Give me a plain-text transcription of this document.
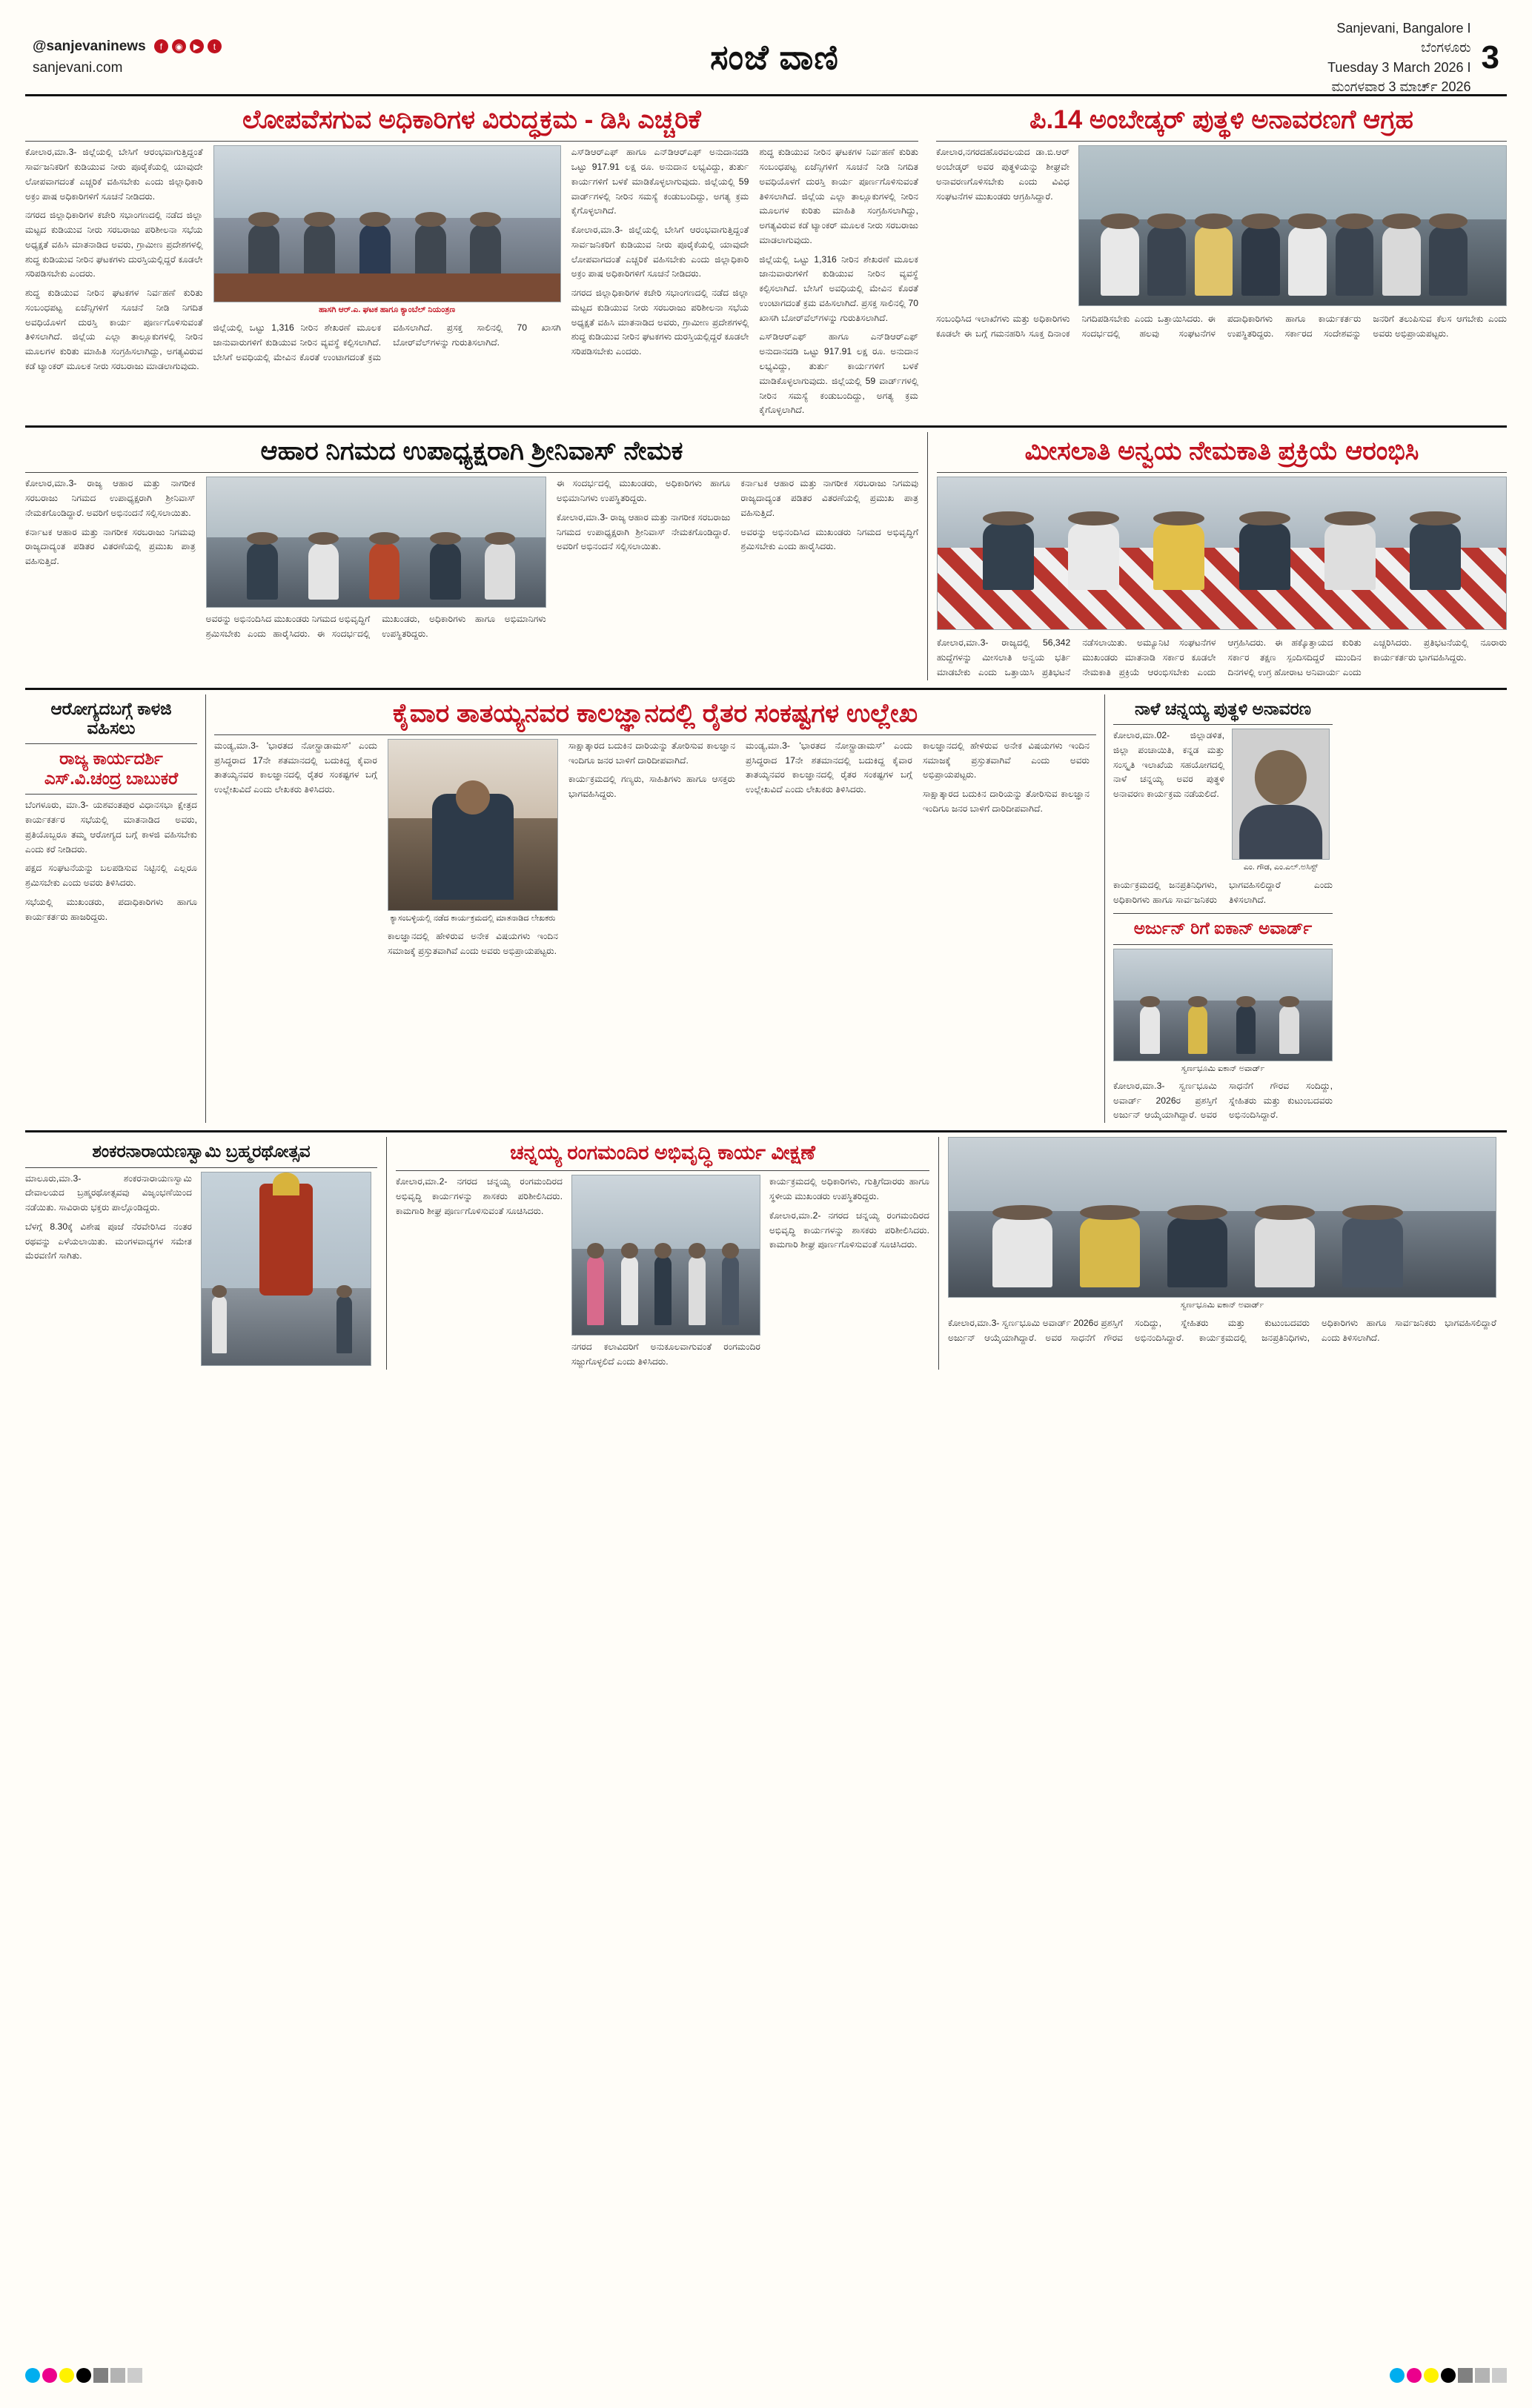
@sanjevaninews	f	◉	▶	t
sanjevani.com	ಸಂಜೆ ವಾಣಿ
Sanjevani, Bangalore I
ಬೆಂಗಳೂರು
Tuesday 3 March 2026 I
ಮಂಗಳವಾರ 3 ಮಾರ್ಚ್ 2026
3
ಲೋಪವೆಸಗುವ ಅಧಿಕಾರಿಗಳ ವಿರುದ್ಧಕ್ರಮ - ಡಿಸಿ ಎಚ್ಚರಿಕೆ
ಕೋಲಾರ,ಮಾ.3- ಜಿಲ್ಲೆಯಲ್ಲಿ ಬೇಸಿಗೆ ಆರಂಭವಾಗುತ್ತಿದ್ದಂತೆ ಸಾರ್ವಜನಿಕರಿಗೆ ಕುಡಿಯುವ ನೀರು ಪೂರೈಕೆಯಲ್ಲಿ ಯಾವುದೇ ಲೋಪವಾಗದಂತೆ ಎಚ್ಚರಿಕೆ ವಹಿಸಬೇಕು ಎಂದು ಜಿಲ್ಲಾಧಿಕಾರಿ ಅಕ್ರಂ ಪಾಷ ಅಧಿಕಾರಿಗಳಿಗೆ ಸೂಚನೆ ನೀಡಿದರು.
ನಗರದ ಜಿಲ್ಲಾಧಿಕಾರಿಗಳ ಕಚೇರಿ ಸಭಾಂಗಣದಲ್ಲಿ ನಡೆದ ಜಿಲ್ಲಾ ಮಟ್ಟದ ಕುಡಿಯುವ ನೀರು ಸರಬರಾಜು ಪರಿಶೀಲನಾ ಸಭೆಯ ಅಧ್ಯಕ್ಷತೆ ವಹಿಸಿ ಮಾತನಾಡಿದ ಅವರು, ಗ್ರಾಮೀಣ ಪ್ರದೇಶಗಳಲ್ಲಿ ಶುದ್ಧ ಕುಡಿಯುವ ನೀರಿನ ಘಟಕಗಳು ದುರಸ್ತಿಯಲ್ಲಿದ್ದರೆ ಕೂಡಲೇ ಸರಿಪಡಿಸಬೇಕು ಎಂದರು.
ಶುದ್ಧ ಕುಡಿಯುವ ನೀರಿನ ಘಟಕಗಳ ನಿರ್ವಹಣೆ ಕುರಿತು ಸಂಬಂಧಪಟ್ಟ ಏಜೆನ್ಸಿಗಳಿಗೆ ಸೂಚನೆ ನೀಡಿ ನಿಗದಿತ ಅವಧಿಯೊಳಗೆ ದುರಸ್ತಿ ಕಾರ್ಯ ಪೂರ್ಣಗೊಳಿಸುವಂತೆ ತಿಳಿಸಲಾಗಿದೆ. ಜಿಲ್ಲೆಯ ಎಲ್ಲಾ ತಾಲ್ಲೂಕುಗಳಲ್ಲಿ ನೀರಿನ ಮೂಲಗಳ ಕುರಿತು ಮಾಹಿತಿ ಸಂಗ್ರಹಿಸಲಾಗಿದ್ದು, ಅಗತ್ಯವಿರುವ ಕಡೆ ಟ್ಯಾಂಕರ್ ಮೂಲಕ ನೀರು ಸರಬರಾಜು ಮಾಡಲಾಗುವುದು.
ಹಾಸಗಿ ಆರ್.ಎ. ಘಟಕ ಹಾಗೂ ಕ್ಯಾಂಬೆಲ್ ನಿಯಂತ್ರಣ
ಜಿಲ್ಲೆಯಲ್ಲಿ ಒಟ್ಟು 1,316 ನೀರಿನ ಶೇಖರಣೆ ಮೂಲಕ ಜಾನುವಾರುಗಳಿಗೆ ಕುಡಿಯುವ ನೀರಿನ ವ್ಯವಸ್ಥೆ ಕಲ್ಪಿಸಲಾಗಿದೆ. ಬೇಸಿಗೆ ಅವಧಿಯಲ್ಲಿ ಮೇವಿನ ಕೊರತೆ ಉಂಟಾಗದಂತೆ ಕ್ರಮ ವಹಿಸಲಾಗಿದೆ. ಪ್ರಸಕ್ತ ಸಾಲಿನಲ್ಲಿ 70 ಖಾಸಗಿ ಬೋರ್‌ವೆಲ್‌ಗಳನ್ನು ಗುರುತಿಸಲಾಗಿದೆ.
ಎಸ್‌ಡಿಆರ್‌ಎಫ್ ಹಾಗೂ ಎನ್‌ಡಿಆರ್‌ಎಫ್ ಅನುದಾನದಡಿ ಒಟ್ಟು 917.91 ಲಕ್ಷ ರೂ. ಅನುದಾನ ಲಭ್ಯವಿದ್ದು, ತುರ್ತು ಕಾರ್ಯಗಳಿಗೆ ಬಳಕೆ ಮಾಡಿಕೊಳ್ಳಲಾಗುವುದು. ಜಿಲ್ಲೆಯಲ್ಲಿ 59 ವಾರ್ಡ್‌ಗಳಲ್ಲಿ ನೀರಿನ ಸಮಸ್ಯೆ ಕಂಡುಬಂದಿದ್ದು, ಅಗತ್ಯ ಕ್ರಮ ಕೈಗೊಳ್ಳಲಾಗಿದೆ.
ಕೋಲಾರ,ಮಾ.3- ಜಿಲ್ಲೆಯಲ್ಲಿ ಬೇಸಿಗೆ ಆರಂಭವಾಗುತ್ತಿದ್ದಂತೆ ಸಾರ್ವಜನಿಕರಿಗೆ ಕುಡಿಯುವ ನೀರು ಪೂರೈಕೆಯಲ್ಲಿ ಯಾವುದೇ ಲೋಪವಾಗದಂತೆ ಎಚ್ಚರಿಕೆ ವಹಿಸಬೇಕು ಎಂದು ಜಿಲ್ಲಾಧಿಕಾರಿ ಅಕ್ರಂ ಪಾಷ ಅಧಿಕಾರಿಗಳಿಗೆ ಸೂಚನೆ ನೀಡಿದರು.
ನಗರದ ಜಿಲ್ಲಾಧಿಕಾರಿಗಳ ಕಚೇರಿ ಸಭಾಂಗಣದಲ್ಲಿ ನಡೆದ ಜಿಲ್ಲಾ ಮಟ್ಟದ ಕುಡಿಯುವ ನೀರು ಸರಬರಾಜು ಪರಿಶೀಲನಾ ಸಭೆಯ ಅಧ್ಯಕ್ಷತೆ ವಹಿಸಿ ಮಾತನಾಡಿದ ಅವರು, ಗ್ರಾಮೀಣ ಪ್ರದೇಶಗಳಲ್ಲಿ ಶುದ್ಧ ಕುಡಿಯುವ ನೀರಿನ ಘಟಕಗಳು ದುರಸ್ತಿಯಲ್ಲಿದ್ದರೆ ಕೂಡಲೇ ಸರಿಪಡಿಸಬೇಕು ಎಂದರು.
ಶುದ್ಧ ಕುಡಿಯುವ ನೀರಿನ ಘಟಕಗಳ ನಿರ್ವಹಣೆ ಕುರಿತು ಸಂಬಂಧಪಟ್ಟ ಏಜೆನ್ಸಿಗಳಿಗೆ ಸೂಚನೆ ನೀಡಿ ನಿಗದಿತ ಅವಧಿಯೊಳಗೆ ದುರಸ್ತಿ ಕಾರ್ಯ ಪೂರ್ಣಗೊಳಿಸುವಂತೆ ತಿಳಿಸಲಾಗಿದೆ. ಜಿಲ್ಲೆಯ ಎಲ್ಲಾ ತಾಲ್ಲೂಕುಗಳಲ್ಲಿ ನೀರಿನ ಮೂಲಗಳ ಕುರಿತು ಮಾಹಿತಿ ಸಂಗ್ರಹಿಸಲಾಗಿದ್ದು, ಅಗತ್ಯವಿರುವ ಕಡೆ ಟ್ಯಾಂಕರ್ ಮೂಲಕ ನೀರು ಸರಬರಾಜು ಮಾಡಲಾಗುವುದು.
ಜಿಲ್ಲೆಯಲ್ಲಿ ಒಟ್ಟು 1,316 ನೀರಿನ ಶೇಖರಣೆ ಮೂಲಕ ಜಾನುವಾರುಗಳಿಗೆ ಕುಡಿಯುವ ನೀರಿನ ವ್ಯವಸ್ಥೆ ಕಲ್ಪಿಸಲಾಗಿದೆ. ಬೇಸಿಗೆ ಅವಧಿಯಲ್ಲಿ ಮೇವಿನ ಕೊರತೆ ಉಂಟಾಗದಂತೆ ಕ್ರಮ ವಹಿಸಲಾಗಿದೆ. ಪ್ರಸಕ್ತ ಸಾಲಿನಲ್ಲಿ 70 ಖಾಸಗಿ ಬೋರ್‌ವೆಲ್‌ಗಳನ್ನು ಗುರುತಿಸಲಾಗಿದೆ.
ಎಸ್‌ಡಿಆರ್‌ಎಫ್ ಹಾಗೂ ಎನ್‌ಡಿಆರ್‌ಎಫ್ ಅನುದಾನದಡಿ ಒಟ್ಟು 917.91 ಲಕ್ಷ ರೂ. ಅನುದಾನ ಲಭ್ಯವಿದ್ದು, ತುರ್ತು ಕಾರ್ಯಗಳಿಗೆ ಬಳಕೆ ಮಾಡಿಕೊಳ್ಳಲಾಗುವುದು. ಜಿಲ್ಲೆಯಲ್ಲಿ 59 ವಾರ್ಡ್‌ಗಳಲ್ಲಿ ನೀರಿನ ಸಮಸ್ಯೆ ಕಂಡುಬಂದಿದ್ದು, ಅಗತ್ಯ ಕ್ರಮ ಕೈಗೊಳ್ಳಲಾಗಿದೆ.
ಪಿ.14 ಅಂಬೇಡ್ಕರ್ ಪುತ್ಥಳಿ ಅನಾವರಣಗೆ ಆಗ್ರಹ
ಕೋಲಾರ,ನಗರದಹೊರವಲಯದ ಡಾ.ಬಿ.ಆರ್ ಅಂಬೇಡ್ಕರ್ ಅವರ ಪುತ್ಥಳಿಯನ್ನು ಶೀಘ್ರವೇ ಅನಾವರಣಗೊಳಿಸಬೇಕು ಎಂದು ವಿವಿಧ ಸಂಘಟನೆಗಳ ಮುಖಂಡರು ಆಗ್ರಹಿಸಿದ್ದಾರೆ.
ಸಂಬಂಧಿಸಿದ ಇಲಾಖೆಗಳು ಮತ್ತು ಅಧಿಕಾರಿಗಳು ಕೂಡಲೇ ಈ ಬಗ್ಗೆ ಗಮನಹರಿಸಿ ಸೂಕ್ತ ದಿನಾಂಕ ನಿಗದಿಪಡಿಸಬೇಕು ಎಂದು ಒತ್ತಾಯಿಸಿದರು. ಈ ಸಂದರ್ಭದಲ್ಲಿ ಹಲವು ಸಂಘಟನೆಗಳ ಪದಾಧಿಕಾರಿಗಳು ಹಾಗೂ ಕಾರ್ಯಕರ್ತರು ಉಪಸ್ಥಿತರಿದ್ದರು. ಸರ್ಕಾರದ ಸಂದೇಶವನ್ನು ಜನರಿಗೆ ತಲುಪಿಸುವ ಕೆಲಸ ಆಗಬೇಕು ಎಂದು ಅವರು ಅಭಿಪ್ರಾಯಪಟ್ಟರು.
ಆಹಾರ ನಿಗಮದ ಉಪಾಧ್ಯಕ್ಷರಾಗಿ ಶ್ರೀನಿವಾಸ್ ನೇಮಕ
ಕೋಲಾರ,ಮಾ.3- ರಾಜ್ಯ ಆಹಾರ ಮತ್ತು ನಾಗರೀಕ ಸರಬರಾಜು ನಿಗಮದ ಉಪಾಧ್ಯಕ್ಷರಾಗಿ ಶ್ರೀನಿವಾಸ್ ನೇಮಕಗೊಂಡಿದ್ದಾರೆ. ಅವರಿಗೆ ಅಭಿನಂದನೆ ಸಲ್ಲಿಸಲಾಯಿತು.
ಕರ್ನಾಟಕ ಆಹಾರ ಮತ್ತು ನಾಗರೀಕ ಸರಬರಾಜು ನಿಗಮವು ರಾಜ್ಯದಾದ್ಯಂತ ಪಡಿತರ ವಿತರಣೆಯಲ್ಲಿ ಪ್ರಮುಖ ಪಾತ್ರ ವಹಿಸುತ್ತಿದೆ.
ಅವರನ್ನು ಅಭಿನಂದಿಸಿದ ಮುಖಂಡರು ನಿಗಮದ ಅಭಿವೃದ್ಧಿಗೆ ಶ್ರಮಿಸಬೇಕು ಎಂದು ಹಾರೈಸಿದರು. ಈ ಸಂದರ್ಭದಲ್ಲಿ ಮುಖಂಡರು, ಅಧಿಕಾರಿಗಳು ಹಾಗೂ ಅಭಿಮಾನಿಗಳು ಉಪಸ್ಥಿತರಿದ್ದರು.
ಈ ಸಂದರ್ಭದಲ್ಲಿ ಮುಖಂಡರು, ಅಧಿಕಾರಿಗಳು ಹಾಗೂ ಅಭಿಮಾನಿಗಳು ಉಪಸ್ಥಿತರಿದ್ದರು.
ಕೋಲಾರ,ಮಾ.3- ರಾಜ್ಯ ಆಹಾರ ಮತ್ತು ನಾಗರೀಕ ಸರಬರಾಜು ನಿಗಮದ ಉಪಾಧ್ಯಕ್ಷರಾಗಿ ಶ್ರೀನಿವಾಸ್ ನೇಮಕಗೊಂಡಿದ್ದಾರೆ. ಅವರಿಗೆ ಅಭಿನಂದನೆ ಸಲ್ಲಿಸಲಾಯಿತು.
ಕರ್ನಾಟಕ ಆಹಾರ ಮತ್ತು ನಾಗರೀಕ ಸರಬರಾಜು ನಿಗಮವು ರಾಜ್ಯದಾದ್ಯಂತ ಪಡಿತರ ವಿತರಣೆಯಲ್ಲಿ ಪ್ರಮುಖ ಪಾತ್ರ ವಹಿಸುತ್ತಿದೆ.
ಅವರನ್ನು ಅಭಿನಂದಿಸಿದ ಮುಖಂಡರು ನಿಗಮದ ಅಭಿವೃದ್ಧಿಗೆ ಶ್ರಮಿಸಬೇಕು ಎಂದು ಹಾರೈಸಿದರು.
ಮೀಸಲಾತಿ ಅನ್ವಯ ನೇಮಕಾತಿ ಪ್ರಕ್ರಿಯೆ ಆರಂಭಿಸಿ
ಕೋಲಾರ,ಮಾ.3- ರಾಜ್ಯದಲ್ಲಿ 56,342 ಹುದ್ದೆಗಳನ್ನು ಮೀಸಲಾತಿ ಅನ್ವಯ ಭರ್ತಿ ಮಾಡಬೇಕು ಎಂದು ಒತ್ತಾಯಿಸಿ ಪ್ರತಿಭಟನೆ ನಡೆಸಲಾಯಿತು. ಅಮ್ಯೂನಿಟಿ ಸಂಘಟನೆಗಳ ಮುಖಂಡರು ಮಾತನಾಡಿ ಸರ್ಕಾರ ಕೂಡಲೇ ನೇಮಕಾತಿ ಪ್ರಕ್ರಿಯೆ ಆರಂಭಿಸಬೇಕು ಎಂದು ಆಗ್ರಹಿಸಿದರು. ಈ ಹಕ್ಕೊತ್ತಾಯದ ಕುರಿತು ಸರ್ಕಾರ ತಕ್ಷಣ ಸ್ಪಂದಿಸದಿದ್ದರೆ ಮುಂದಿನ ದಿನಗಳಲ್ಲಿ ಉಗ್ರ ಹೋರಾಟ ಅನಿವಾರ್ಯ ಎಂದು ಎಚ್ಚರಿಸಿದರು. ಪ್ರತಿಭಟನೆಯಲ್ಲಿ ನೂರಾರು ಕಾರ್ಯಕರ್ತರು ಭಾಗವಹಿಸಿದ್ದರು.
ಆರೋಗ್ಯದಬಗ್ಗೆ ಕಾಳಜಿ ವಹಿಸಲು
ರಾಜ್ಯ ಕಾರ್ಯದರ್ಶಿ ಎಸ್.ವಿ.ಚಂದ್ರ ಬಾಬುಕರೆ
ಬೆಂಗಳೂರು, ಮಾ.3- ಯಶವಂತಪುರ ವಿಧಾನಸಭಾ ಕ್ಷೇತ್ರದ ಕಾರ್ಯಕರ್ತರ ಸಭೆಯಲ್ಲಿ ಮಾತನಾಡಿದ ಅವರು, ಪ್ರತಿಯೊಬ್ಬರೂ ತಮ್ಮ ಆರೋಗ್ಯದ ಬಗ್ಗೆ ಕಾಳಜಿ ವಹಿಸಬೇಕು ಎಂದು ಕರೆ ನೀಡಿದರು.
ಪಕ್ಷದ ಸಂಘಟನೆಯನ್ನು ಬಲಪಡಿಸುವ ನಿಟ್ಟಿನಲ್ಲಿ ಎಲ್ಲರೂ ಶ್ರಮಿಸಬೇಕು ಎಂದು ಅವರು ತಿಳಿಸಿದರು.
ಸಭೆಯಲ್ಲಿ ಮುಖಂಡರು, ಪದಾಧಿಕಾರಿಗಳು ಹಾಗೂ ಕಾರ್ಯಕರ್ತರು ಹಾಜರಿದ್ದರು.
ಕೈವಾರ ತಾತಯ್ಯನವರ ಕಾಲಜ್ಞಾನದಲ್ಲಿ ರೈತರ ಸಂಕಷ್ಟಗಳ ಉಲ್ಲೇಖ
ಮಂಡ್ಯ,ಮಾ.3- 'ಭಾರತದ ನೋಸ್ಟ್ರಾಡಾಮಸ್' ಎಂದು ಪ್ರಸಿದ್ಧರಾದ 17ನೇ ಶತಮಾನದಲ್ಲಿ ಬದುಕಿದ್ದ ಕೈವಾರ ತಾತಯ್ಯನವರ ಕಾಲಜ್ಞಾನದಲ್ಲಿ ರೈತರ ಸಂಕಷ್ಟಗಳ ಬಗ್ಗೆ ಉಲ್ಲೇಖವಿದೆ ಎಂದು ಲೇಖಕರು ತಿಳಿಸಿದರು.
ಕ್ಯಾಸಂಬಳ್ಳಿಯಲ್ಲಿ ನಡೆದ ಕಾರ್ಯಕ್ರಮದಲ್ಲಿ ಮಾತನಾಡಿದ ಲೇಖಕರು
ಕಾಲಜ್ಞಾನದಲ್ಲಿ ಹೇಳಿರುವ ಅನೇಕ ವಿಷಯಗಳು ಇಂದಿನ ಸಮಾಜಕ್ಕೆ ಪ್ರಸ್ತುತವಾಗಿವೆ ಎಂದು ಅವರು ಅಭಿಪ್ರಾಯಪಟ್ಟರು.
ಸಾಕ್ಷಾತ್ಕಾರದ ಬದುಕಿನ ದಾರಿಯನ್ನು ತೋರಿಸುವ ಕಾಲಜ್ಞಾನ ಇಂದಿಗೂ ಜನರ ಬಾಳಿಗೆ ದಾರಿದೀಪವಾಗಿದೆ.
ಕಾರ್ಯಕ್ರಮದಲ್ಲಿ ಗಣ್ಯರು, ಸಾಹಿತಿಗಳು ಹಾಗೂ ಆಸಕ್ತರು ಭಾಗವಹಿಸಿದ್ದರು.
ಮಂಡ್ಯ,ಮಾ.3- 'ಭಾರತದ ನೋಸ್ಟ್ರಾಡಾಮಸ್' ಎಂದು ಪ್ರಸಿದ್ಧರಾದ 17ನೇ ಶತಮಾನದಲ್ಲಿ ಬದುಕಿದ್ದ ಕೈವಾರ ತಾತಯ್ಯನವರ ಕಾಲಜ್ಞಾನದಲ್ಲಿ ರೈತರ ಸಂಕಷ್ಟಗಳ ಬಗ್ಗೆ ಉಲ್ಲೇಖವಿದೆ ಎಂದು ಲೇಖಕರು ತಿಳಿಸಿದರು.
ಕಾಲಜ್ಞಾನದಲ್ಲಿ ಹೇಳಿರುವ ಅನೇಕ ವಿಷಯಗಳು ಇಂದಿನ ಸಮಾಜಕ್ಕೆ ಪ್ರಸ್ತುತವಾಗಿವೆ ಎಂದು ಅವರು ಅಭಿಪ್ರಾಯಪಟ್ಟರು.
ಸಾಕ್ಷಾತ್ಕಾರದ ಬದುಕಿನ ದಾರಿಯನ್ನು ತೋರಿಸುವ ಕಾಲಜ್ಞಾನ ಇಂದಿಗೂ ಜನರ ಬಾಳಿಗೆ ದಾರಿದೀಪವಾಗಿದೆ.
ನಾಳೆ ಚನ್ನಯ್ಯ ಪುತ್ಥಳಿ ಅನಾವರಣ
ಕೋಲಾರ,ಮಾ.02- ಜಿಲ್ಲಾಡಳಿತ, ಜಿಲ್ಲಾ ಪಂಚಾಯಿತಿ, ಕನ್ನಡ ಮತ್ತು ಸಂಸ್ಕೃತಿ ಇಲಾಖೆಯ ಸಹಯೋಗದಲ್ಲಿ ನಾಳೆ ಚನ್ನಯ್ಯ ಅವರ ಪುತ್ಥಳಿ ಅನಾವರಣ ಕಾರ್ಯಕ್ರಮ ನಡೆಯಲಿದೆ.
ಎಂ. ಗೌಡ, ಎಂ.ಎಲ್.ಅಸಿಸ್ಟ್
ಕಾರ್ಯಕ್ರಮದಲ್ಲಿ ಜನಪ್ರತಿನಿಧಿಗಳು, ಅಧಿಕಾರಿಗಳು ಹಾಗೂ ಸಾರ್ವಜನಿಕರು ಭಾಗವಹಿಸಲಿದ್ದಾರೆ ಎಂದು ತಿಳಿಸಲಾಗಿದೆ.
ಅರ್ಜುನ್ ರಿಗೆ ಐಕಾನ್ ಅವಾರ್ಡ್
ಸ್ವರ್ಣಭೂಮಿ ಐಕಾನ್ ಅವಾರ್ಡ್
ಕೋಲಾರ,ಮಾ.3- ಸ್ವರ್ಣಭೂಮಿ ಅವಾರ್ಡ್ 2026ರ ಪ್ರಶಸ್ತಿಗೆ ಅರ್ಜುನ್ ಆಯ್ಕೆಯಾಗಿದ್ದಾರೆ. ಅವರ ಸಾಧನೆಗೆ ಗೌರವ ಸಂದಿದ್ದು, ಸ್ನೇಹಿತರು ಮತ್ತು ಕುಟುಂಬದವರು ಅಭಿನಂದಿಸಿದ್ದಾರೆ.
ಶಂಕರನಾರಾಯಣಸ್ವಾಮಿ ಬ್ರಹ್ಮರಥೋತ್ಸವ
ಮಾಲೂರು,ಮಾ.3- ಶಂಕರನಾರಾಯಣಸ್ವಾಮಿ ದೇವಾಲಯದ ಬ್ರಹ್ಮರಥೋತ್ಸವವು ವಿಜೃಂಭಣೆಯಿಂದ ನಡೆಯಿತು. ಸಾವಿರಾರು ಭಕ್ತರು ಪಾಲ್ಗೊಂಡಿದ್ದರು.
ಬೆಳಗ್ಗೆ 8.30ಕ್ಕೆ ವಿಶೇಷ ಪೂಜೆ ನೆರವೇರಿಸಿದ ನಂತರ ರಥವನ್ನು ಎಳೆಯಲಾಯಿತು. ಮಂಗಳವಾದ್ಯಗಳ ಸಮೇತ ಮೆರವಣಿಗೆ ಸಾಗಿತು.
ಚನ್ನಯ್ಯ ರಂಗಮಂದಿರ ಅಭಿವೃದ್ಧಿ ಕಾರ್ಯ ವೀಕ್ಷಣೆ
ಕೋಲಾರ,ಮಾ.2- ನಗರದ ಚನ್ನಯ್ಯ ರಂಗಮಂದಿರದ ಅಭಿವೃದ್ಧಿ ಕಾರ್ಯಗಳನ್ನು ಶಾಸಕರು ಪರಿಶೀಲಿಸಿದರು. ಕಾಮಗಾರಿ ಶೀಘ್ರ ಪೂರ್ಣಗೊಳಿಸುವಂತೆ ಸೂಚಿಸಿದರು.
ನಗರದ ಕಲಾವಿದರಿಗೆ ಅನುಕೂಲವಾಗುವಂತೆ ರಂಗಮಂದಿರ ಸಜ್ಜುಗೊಳ್ಳಲಿದೆ ಎಂದು ತಿಳಿಸಿದರು.
ಕಾರ್ಯಕ್ರಮದಲ್ಲಿ ಅಧಿಕಾರಿಗಳು, ಗುತ್ತಿಗೆದಾರರು ಹಾಗೂ ಸ್ಥಳೀಯ ಮುಖಂಡರು ಉಪಸ್ಥಿತರಿದ್ದರು.
ಕೋಲಾರ,ಮಾ.2- ನಗರದ ಚನ್ನಯ್ಯ ರಂಗಮಂದಿರದ ಅಭಿವೃದ್ಧಿ ಕಾರ್ಯಗಳನ್ನು ಶಾಸಕರು ಪರಿಶೀಲಿಸಿದರು. ಕಾಮಗಾರಿ ಶೀಘ್ರ ಪೂರ್ಣಗೊಳಿಸುವಂತೆ ಸೂಚಿಸಿದರು.
ಸ್ವರ್ಣಭೂಮಿ ಐಕಾನ್ ಅವಾರ್ಡ್
ಕೋಲಾರ,ಮಾ.3- ಸ್ವರ್ಣಭೂಮಿ ಅವಾರ್ಡ್ 2026ರ ಪ್ರಶಸ್ತಿಗೆ ಅರ್ಜುನ್ ಆಯ್ಕೆಯಾಗಿದ್ದಾರೆ. ಅವರ ಸಾಧನೆಗೆ ಗೌರವ ಸಂದಿದ್ದು, ಸ್ನೇಹಿತರು ಮತ್ತು ಕುಟುಂಬದವರು ಅಭಿನಂದಿಸಿದ್ದಾರೆ. ಕಾರ್ಯಕ್ರಮದಲ್ಲಿ ಜನಪ್ರತಿನಿಧಿಗಳು, ಅಧಿಕಾರಿಗಳು ಹಾಗೂ ಸಾರ್ವಜನಿಕರು ಭಾಗವಹಿಸಲಿದ್ದಾರೆ ಎಂದು ತಿಳಿಸಲಾಗಿದೆ.
